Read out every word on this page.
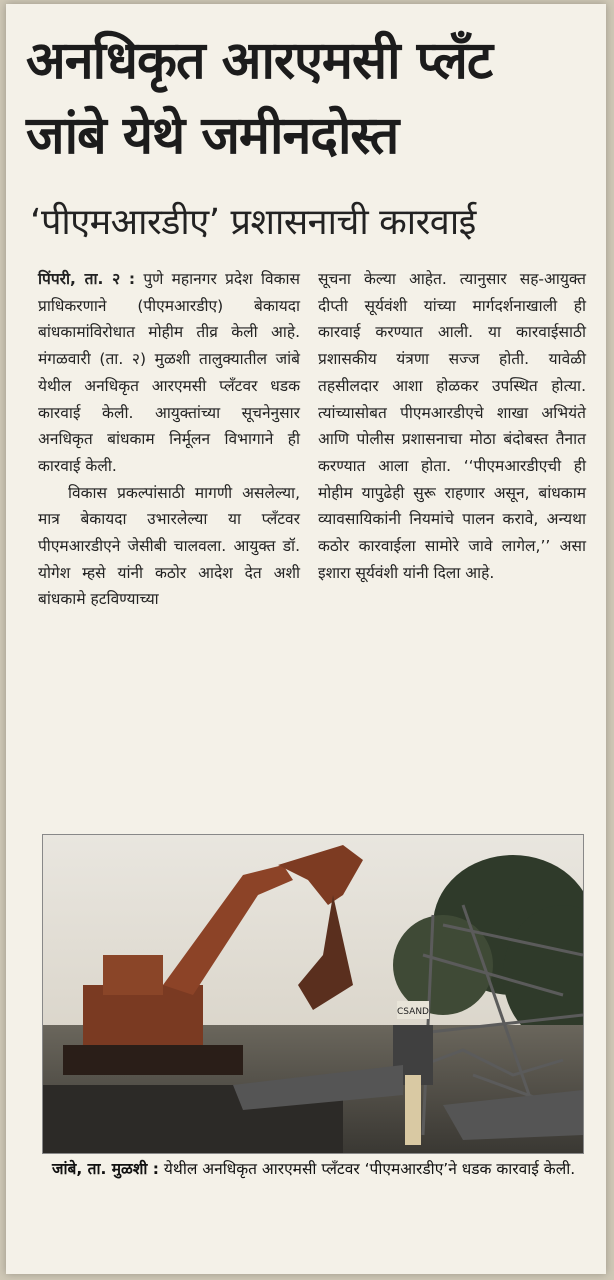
अनधिकृत आरएमसी प्लँट
जांबे येथे जमीनदोस्त
‘पीएमआरडीए’ प्रशासनाची कारवाई

पिंपरी, ता. २ : पुणे महानगर प्रदेश विकास प्राधिकरणाने (पीएमआरडीए) बेकायदा बांधकामांविरोधात मोहीम तीव्र केली आहे. मंगळवारी (ता. २) मुळशी तालुक्यातील जांबे येथील अनधिकृत आरएमसी प्लँटवर धडक कारवाई केली. आयुक्तांच्या सूचनेनुसार अनधिकृत बांधकाम निर्मूलन विभागाने ही कारवाई केली.

विकास प्रकल्पांसाठी मागणी असलेल्या, मात्र बेकायदा उभारलेल्या या प्लँटवर पीएमआरडीएने जेसीबी चालवला. आयुक्त डॉ. योगेश म्हसे यांनी कठोर आदेश देत अशी बांधकामे हटविण्याच्या

सूचना केल्या आहेत. त्यानुसार सह-आयुक्त दीप्ती सूर्यवंशी यांच्या मार्गदर्शनाखाली ही कारवाई करण्यात आली. या कारवाईसाठी प्रशासकीय यंत्रणा सज्ज होती. यावेळी तहसीलदार आशा होळकर उपस्थित होत्या. त्यांच्यासोबत पीएमआरडीएचे शाखा अभियंते आणि पोलीस प्रशासनाचा मोठा बंदोबस्त तैनात करण्यात आला होता. ‘‘पीएमआरडीएची ही मोहीम यापुढेही सुरू राहणार असून, बांधकाम व्यावसायिकांनी नियमांचे पालन करावे, अन्यथा कठोर कारवाईला सामोरे जावे लागेल,’’ असा इशारा सूर्यवंशी यांनी दिला आहे.

CSAND

जांबे, ता. मुळशी : येथील अनधिकृत आरएमसी प्लँटवर ‘पीएमआरडीए’ने धडक कारवाई केली.
